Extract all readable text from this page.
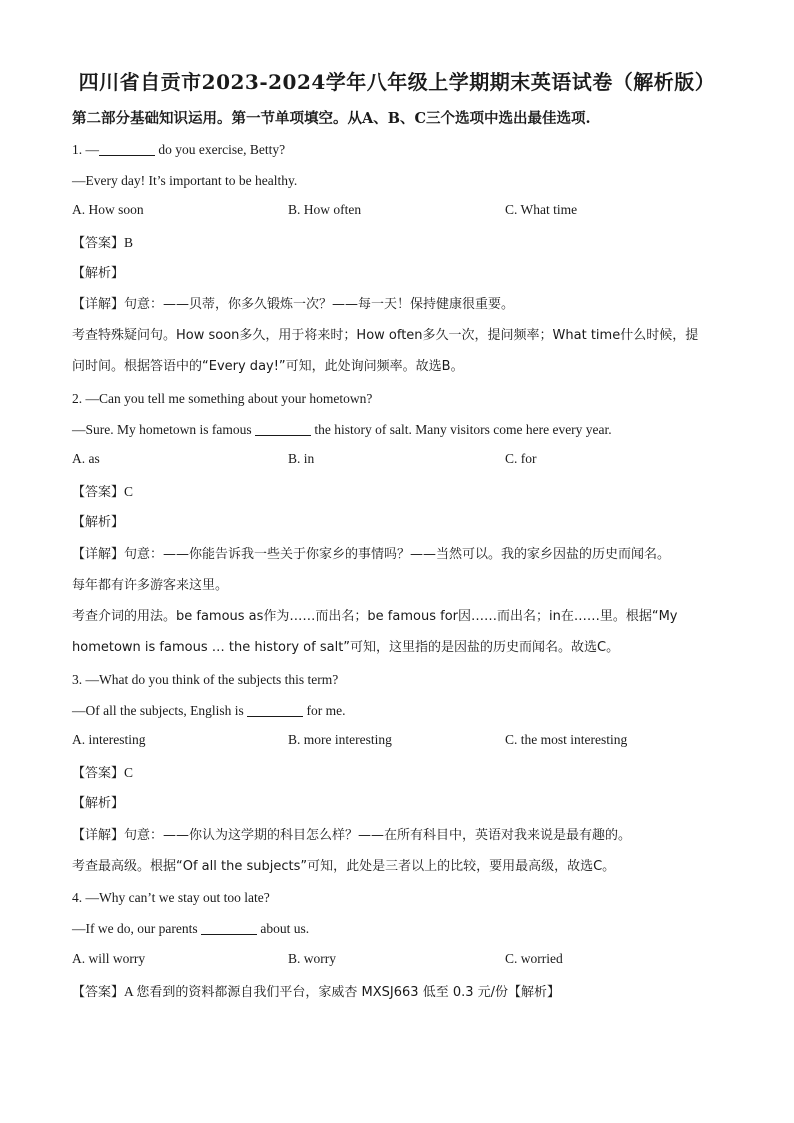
四川省自贡市2023-2024学年八年级上学期期末英语试卷（解析版）
第二部分基础知识运用。第一节单项填空。从A、B、C三个选项中选出最佳选项.
1. —	do you exercise, Betty?
—Every day! It’s important to be healthy.
A. How soon	B. How often	C. What time
【答案】B
【解析】
【详解】句意：——贝蒂，你多久锻炼一次？——每一天！保持健康很重要。
考查特殊疑问句。How soon多久，用于将来时；How often多久一次，提问频率；What time什么时候，提
问时间。根据答语中的“Every day!”可知，此处询问频率。故选B。
2. —Can you tell me something about your hometown?
—Sure. My hometown is famous	the history of salt. Many visitors come here every year.
A. as	B. in	C. for
【答案】C
【解析】
【详解】句意：——你能告诉我一些关于你家乡的事情吗？——当然可以。我的家乡因盐的历史而闻名。
每年都有许多游客来这里。
考查介词的用法。be famous as作为……而出名；be famous for因……而出名；in在……里。根据“My
hometown is famous … the history of salt”可知，这里指的是因盐的历史而闻名。故选C。
3. —What do you think of the subjects this term?
—Of all the subjects, English is	for me.
A. interesting	B. more interesting	C. the most interesting
【答案】C
【解析】
【详解】句意：——你认为这学期的科目怎么样？——在所有科目中，英语对我来说是最有趣的。
考查最高级。根据“Of all the subjects”可知，此处是三者以上的比较，要用最高级，故选C。
4. —Why can’t we stay out too late?
—If we do, our parents	about us.
A. will worry	B. worry	C. worried
【答案】A 您看到的资料都源自我们平台，家威杏 MXSJ663 低至 0.3 元/份【解析】
